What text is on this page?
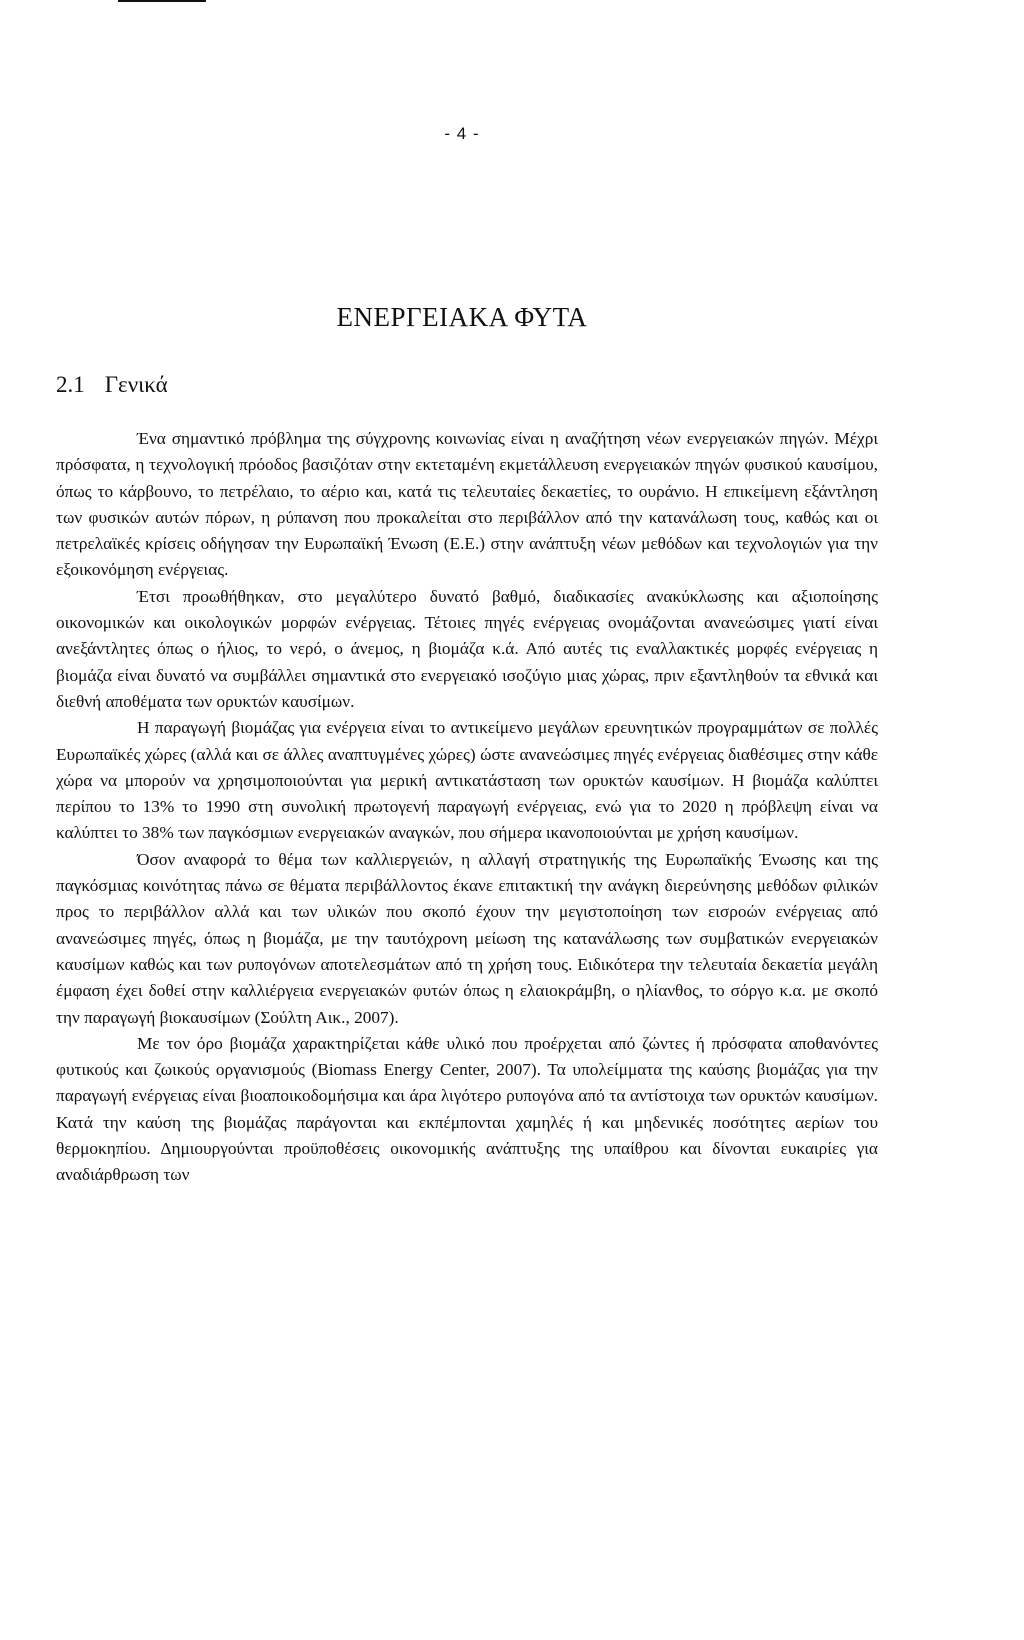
- 4 -
ΕΝΕΡΓΕΙΑΚΑ ΦΥΤΑ
2.1 Γενικά

Ένα σημαντικό πρόβλημα της σύγχρονης κοινωνίας είναι η αναζήτηση νέων ενεργειακών πηγών. Μέχρι πρόσφατα, η τεχνολογική πρόοδος βασιζόταν στην εκτεταμένη εκμετάλλευση ενεργειακών πηγών φυσικού καυσίμου, όπως το κάρβουνο, το πετρέλαιο, το αέριο και, κατά τις τελευταίες δεκαετίες, το ουράνιο. Η επικείμενη εξάντληση των φυσικών αυτών πόρων, η ρύπανση που προκαλείται στο περιβάλλον από την κατανάλωση τους, καθώς και οι πετρελαϊκές κρίσεις οδήγησαν την Ευρωπαϊκή Ένωση (Ε.Ε.) στην ανάπτυξη νέων μεθόδων και τεχνολογιών για την εξοικονόμηση ενέργειας.

Έτσι προωθήθηκαν, στο μεγαλύτερο δυνατό βαθμό, διαδικασίες ανακύκλωσης και αξιοποίησης οικονομικών και οικολογικών μορφών ενέργειας. Τέτοιες πηγές ενέργειας ονομάζονται ανανεώσιμες γιατί είναι ανεξάντλητες όπως ο ήλιος, το νερό, ο άνεμος, η βιομάζα κ.ά. Από αυτές τις εναλλακτικές μορφές ενέργειας η βιομάζα είναι δυνατό να συμβάλλει σημαντικά στο ενεργειακό ισοζύγιο μιας χώρας, πριν εξαντληθούν τα εθνικά και διεθνή αποθέματα των ορυκτών καυσίμων.

Η παραγωγή βιομάζας για ενέργεια είναι το αντικείμενο μεγάλων ερευνητικών προγραμμάτων σε πολλές Ευρωπαϊκές χώρες (αλλά και σε άλλες αναπτυγμένες χώρες) ώστε ανανεώσιμες πηγές ενέργειας διαθέσιμες στην κάθε χώρα να μπορούν να χρησιμοποιούνται για μερική αντικατάσταση των ορυκτών καυσίμων. Η βιομάζα καλύπτει περίπου το 13% το 1990 στη συνολική πρωτογενή παραγωγή ενέργειας, ενώ για το 2020 η πρόβλεψη είναι να καλύπτει το 38% των παγκόσμιων ενεργειακών αναγκών, που σήμερα ικανοποιούνται με χρήση καυσίμων.

Όσον αναφορά το θέμα των καλλιεργειών, η αλλαγή στρατηγικής της Ευρωπαϊκής Ένωσης και της παγκόσμιας κοινότητας πάνω σε θέματα περιβάλλοντος έκανε επιτακτική την ανάγκη διερεύνησης μεθόδων φιλικών προς το περιβάλλον αλλά και των υλικών που σκοπό έχουν την μεγιστοποίηση των εισροών ενέργειας από ανανεώσιμες πηγές, όπως η βιομάζα, με την ταυτόχρονη μείωση της κατανάλωσης των συμβατικών ενεργειακών καυσίμων καθώς και των ρυπογόνων αποτελεσμάτων από τη χρήση τους. Ειδικότερα την τελευταία δεκαετία μεγάλη έμφαση έχει δοθεί στην καλλιέργεια ενεργειακών φυτών όπως η ελαιοκράμβη, ο ηλίανθος, το σόργο κ.α. με σκοπό την παραγωγή βιοκαυσίμων (Σούλτη Αικ., 2007).

Με τον όρο βιομάζα χαρακτηρίζεται κάθε υλικό που προέρχεται από ζώντες ή πρόσφατα αποθανόντες φυτικούς και ζωικούς οργανισμούς (Biomass Energy Center, 2007). Τα υπολείμματα της καύσης βιομάζας για την παραγωγή ενέργειας είναι βιοαποικοδομήσιμα και άρα λιγότερο ρυπογόνα από τα αντίστοιχα των ορυκτών καυσίμων. Κατά την καύση της βιομάζας παράγονται και εκπέμπονται χαμηλές ή και μηδενικές ποσότητες αερίων του θερμοκηπίου. Δημιουργούνται προϋποθέσεις οικονομικής ανάπτυξης της υπαίθρου και δίνονται ευκαιρίες για αναδιάρθρωση των
